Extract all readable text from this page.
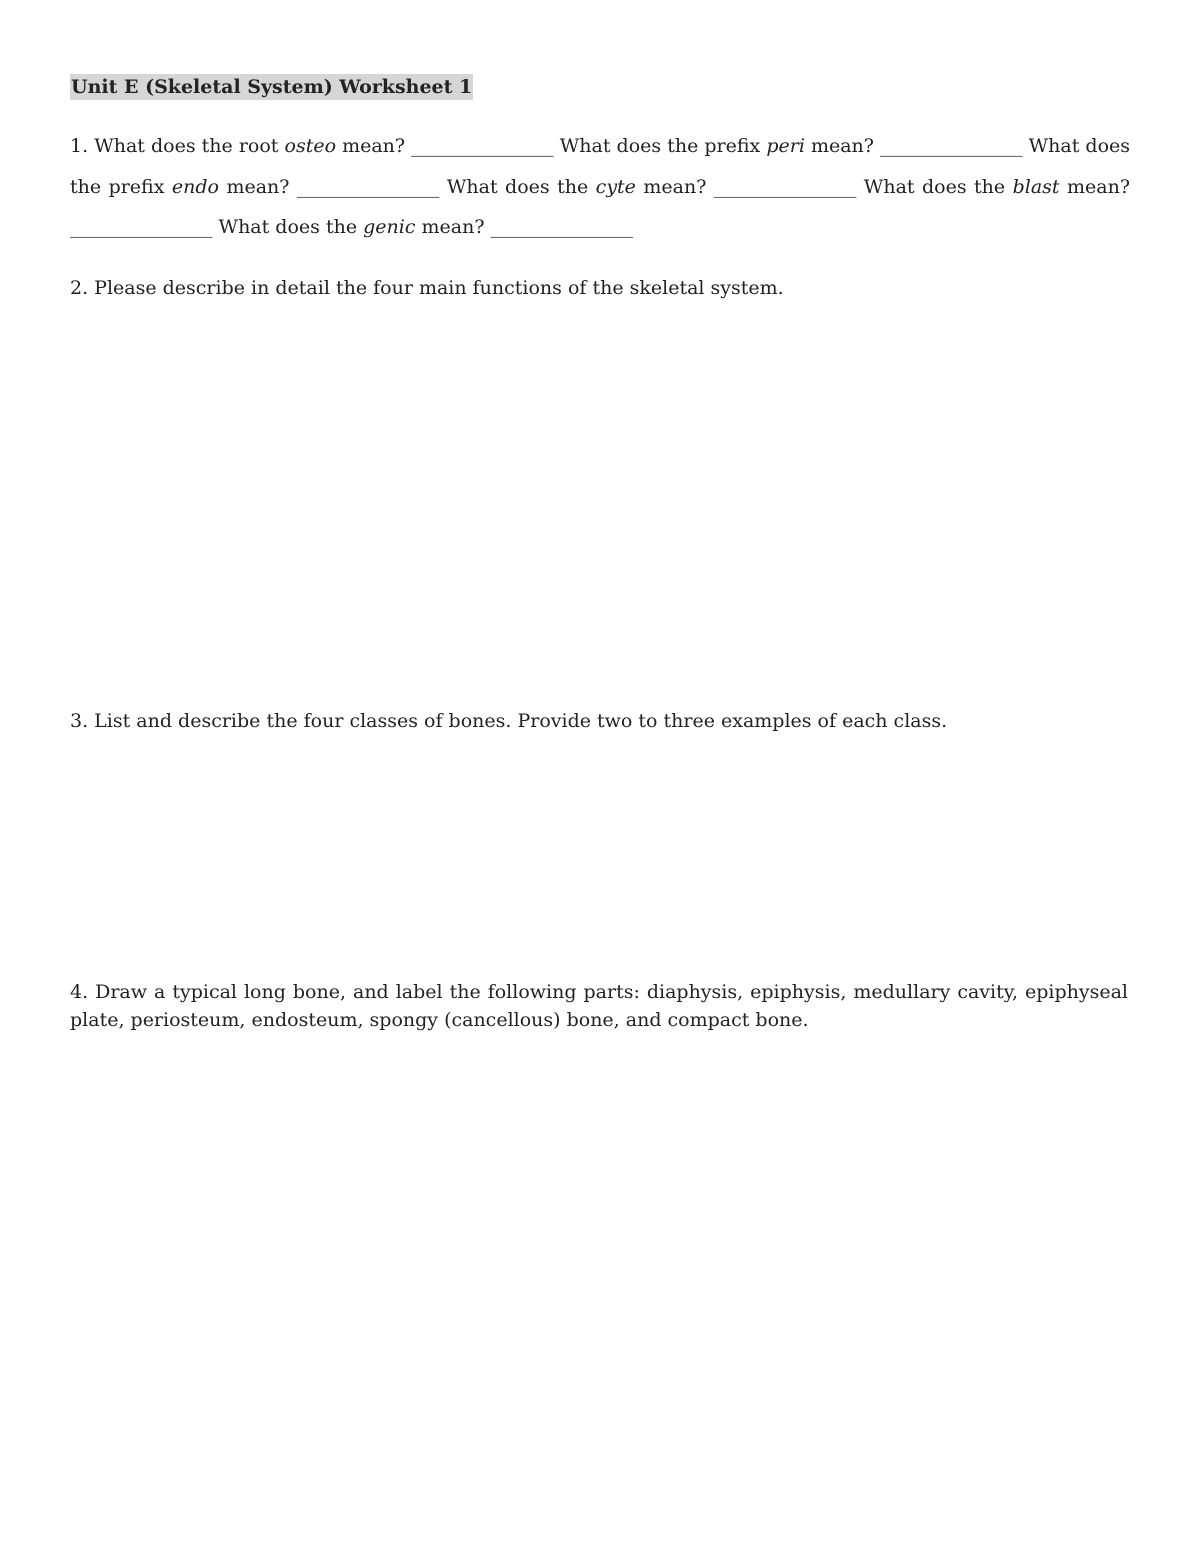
Unit E (Skeletal System) Worksheet 1
1. What does the root osteo mean? _______________ What does the prefix peri mean? _______________ What does the prefix endo mean? _______________ What does the cyte mean? _______________ What does the blast mean? _______________ What does the genic mean? _______________
2. Please describe in detail the four main functions of the skeletal system.
3. List and describe the four classes of bones. Provide two to three examples of each class.
4. Draw a typical long bone, and label the following parts: diaphysis, epiphysis, medullary cavity, epiphyseal plate, periosteum, endosteum, spongy (cancellous) bone, and compact bone.
